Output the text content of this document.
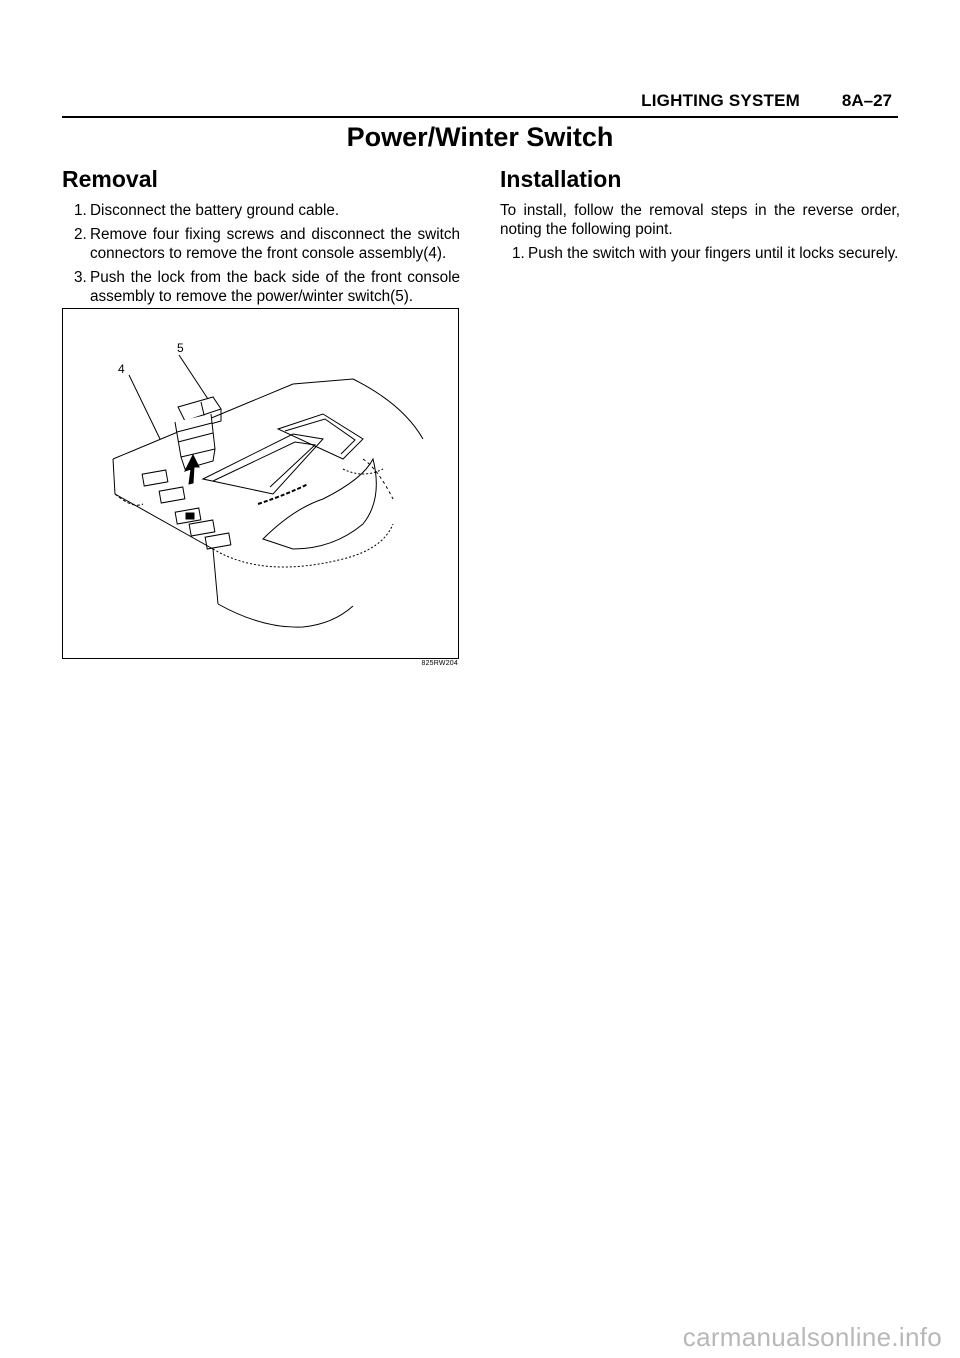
LIGHTING SYSTEM 8A–27
Power/Winter Switch
Removal
1. Disconnect the battery ground cable.
2. Remove four fixing screws and disconnect the switch connectors to remove the front console assembly(4).
3. Push the lock from the back side of the front console assembly to remove the power/winter switch(5).
Installation

To install, follow the removal steps in the reverse order, noting the following point.

1. Push the switch with your fingers until it locks securely.
5
4
825RW204
carmanualsonline.info
